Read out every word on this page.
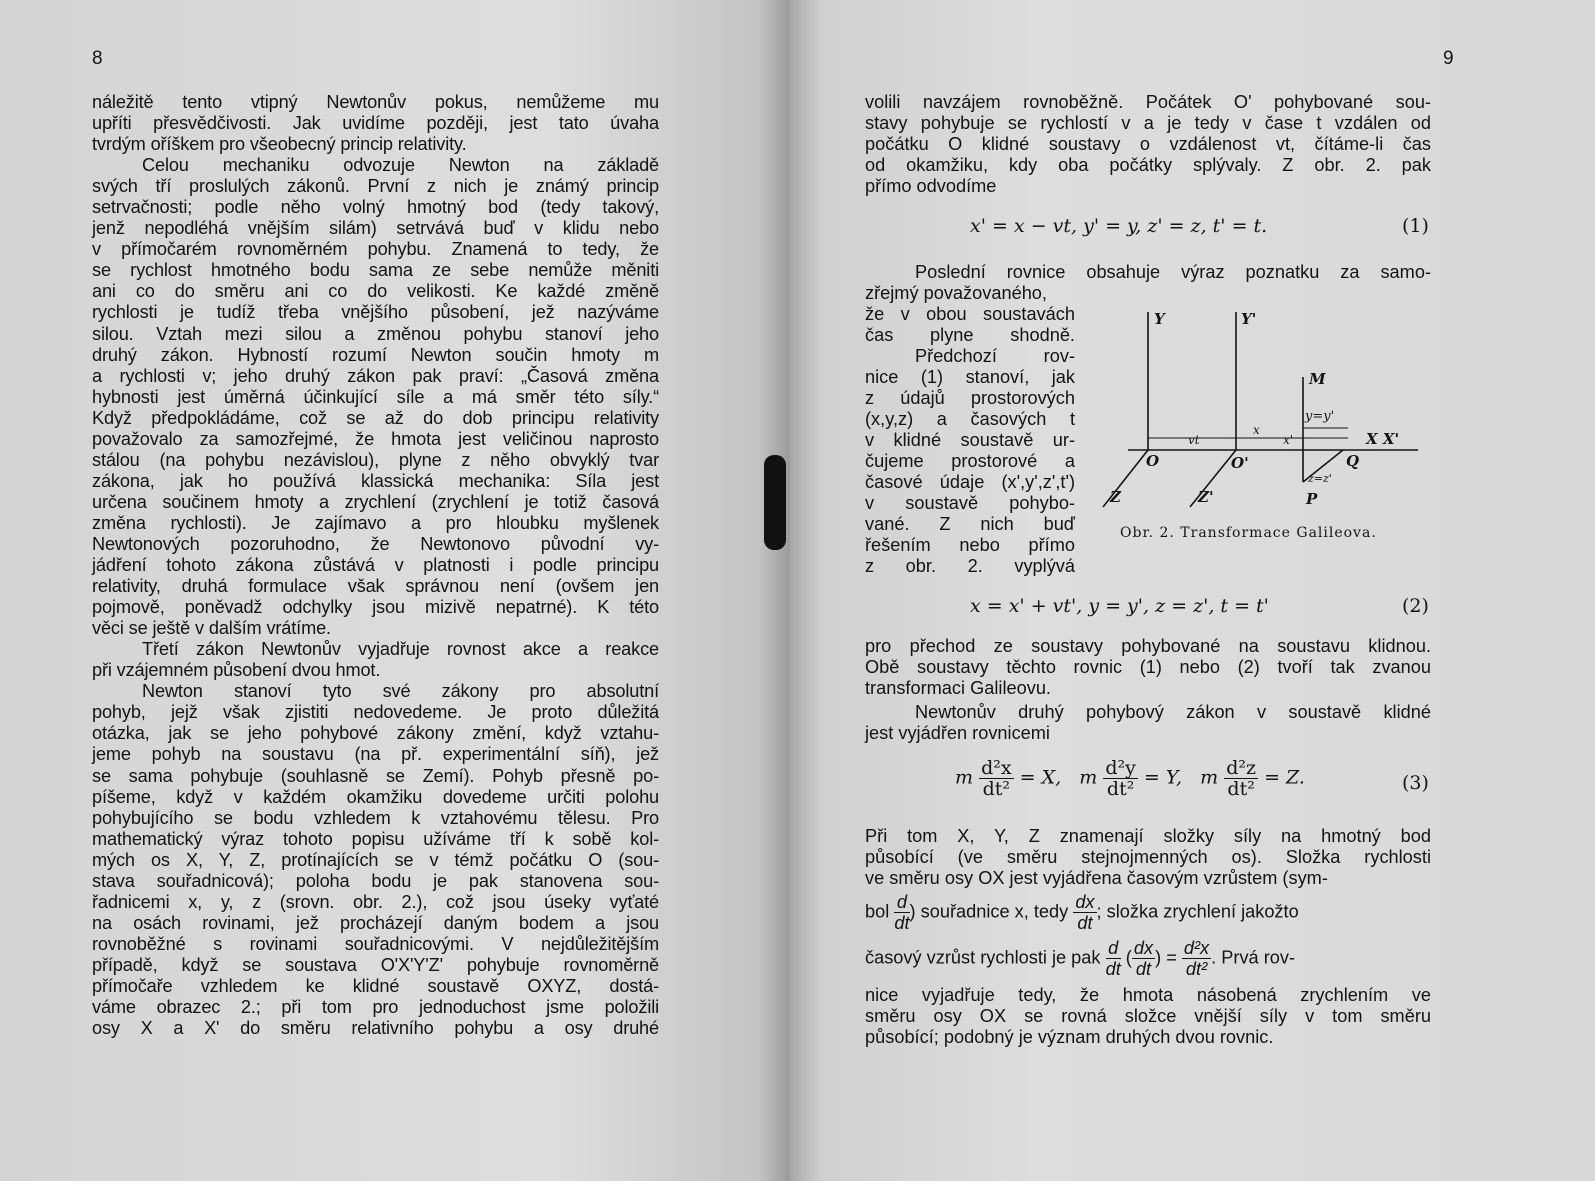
8
náležitě tento vtipný Newtonův pokus, nemůžeme mu
upříti přesvědčivosti. Jak uvidíme později, jest tato úvaha
tvrdým oříškem pro všeobecný princip relativity.
Celou mechaniku odvozuje Newton na základě
svých tří proslulých zákonů. První z nich je známý princip
setrvačnosti; podle něho volný hmotný bod (tedy takový,
jenž nepodléhá vnějším silám) setrvává buď v klidu nebo
v přímočarém rovnoměrném pohybu. Znamená to tedy, že
se rychlost hmotného bodu sama ze sebe nemůže měniti
ani co do směru ani co do velikosti. Ke každé změně
rychlosti je tudíž třeba vnějšího působení, jež nazýváme
silou. Vztah mezi silou a změnou pohybu stanoví jeho
druhý zákon. Hybností rozumí Newton součin hmoty m
a rychlosti v; jeho druhý zákon pak praví: „Časová změna
hybnosti jest úměrná účinkující síle a má směr této síly.“
Když předpokládáme, což se až do dob principu relativity
považovalo za samozřejmé, že hmota jest veličinou naprosto
stálou (na pohybu nezávislou), plyne z něho obvyklý tvar
zákona, jak ho používá klassická mechanika: Síla jest
určena součinem hmoty a zrychlení (zrychlení je totiž časová
změna rychlosti). Je zajímavo a pro hloubku myšlenek
Newtonových pozoruhodno, že Newtonovo původní vy-
jádření tohoto zákona zůstává v platnosti i podle principu
relativity, druhá formulace však správnou není (ovšem jen
pojmově, poněvadž odchylky jsou mizivě nepatrné). K této
věci se ještě v dalším vrátíme.
Třetí zákon Newtonův vyjadřuje rovnost akce a reakce
při vzájemném působení dvou hmot.
Newton stanoví tyto své zákony pro absolutní
pohyb, jejž však zjistiti nedovedeme. Je proto důležitá
otázka, jak se jeho pohybové zákony změní, když vztahu-
jeme pohyb na soustavu (na př. experimentální síň), jež
se sama pohybuje (souhlasně se Zemí). Pohyb přesně po-
píšeme, když v každém okamžiku dovedeme určiti polohu
pohybujícího se bodu vzhledem k vztahovému tělesu. Pro
mathematický výraz tohoto popisu užíváme tří k sobě kol-
mých os X, Y, Z, protínajících se v témž počátku O (sou-
stava souřadnicová); poloha bodu je pak stanovena sou-
řadnicemi x, y, z (srovn. obr. 2.), což jsou úseky vyťaté
na osách rovinami, jež procházejí daným bodem a jsou
rovnoběžné s rovinami souřadnicovými. V nejdůležitějším
případě, když se soustava O'X'Y'Z' pohybuje rovnoměrně
přímočaře vzhledem ke klidné soustavě OXYZ, dostá-
váme obrazec 2.; při tom pro jednoduchost jsme položili
osy X a X' do směru relativního pohybu a osy druhé
9
volili navzájem rovnoběžně. Počátek O' pohybované sou-
stavy pohybuje se rychlostí v a je tedy v čase t vzdálen od
počátku O klidné soustavy o vzdálenost vt, čítáme-li čas
od okamžiku, kdy oba počátky splývaly. Z obr. 2. pak
přímo odvodíme
x' = x − vt, y' = y, z' = z, t' = t.	(1)
Poslední rovnice obsahuje výraz poznatku za samo-
zřejmý považovaného,
že v obou soustavách
čas plyne shodně.
Předchozí rov-
nice (1) stanoví, jak
z údajů prostorových
(x,y,z) a časových t
v klidné soustavě ur-
čujeme prostorové a
časové údaje (x',y',z',t')
v soustavě pohybo-
vané. Z nich buď
řešením nebo přímo
z obr. 2. vyplývá
Y	Y'
M
y=y'
vt
x
x'	X X'
O	O'	Q
z=z'
Z	Z'	P
Obr. 2. Transformace Galileova.
x = x' + vt', y = y', z = z', t = t'	(2)
pro přechod ze soustavy pohybované na soustavu klidnou.
Obě soustavy těchto rovnic (1) nebo (2) tvoří tak zvanou
transformaci Galileovu.
Newtonův druhý pohybový zákon v soustavě klidné
jest vyjádřen rovnicemi
m $\frac{\text{d²x}}{\text{dt²}} = X$, m $\frac{\text{d²y}}{\text{dt²}} = Y$, m $\frac{\text{d²z}}{\text{dt²}} = Z$.	(3)
Při tom X, Y, Z znamenají složky síly na hmotný bod
působící (ve směru stejnojmenných os). Složka rychlosti
ve směru osy OX jest vyjádřena časovým vzrůstem (sym-
bol $\frac{d}{dt}$ ) souřadnice x, tedy $\frac{dx}{dt}$ ; složka zrychlení jakožto
časový vzrůst rychlosti je pak $\frac{d}{dt}$ ( $\frac{dx}{dt}$ ) = $\frac{\text{d²x}}{\text{dt²}}$ . Prvá rov-
nice vyjadřuje tedy, že hmota násobená zrychlením ve
směru osy OX se rovná složce vnější síly v tom směru
působící; podobný je význam druhých dvou rovnic.
